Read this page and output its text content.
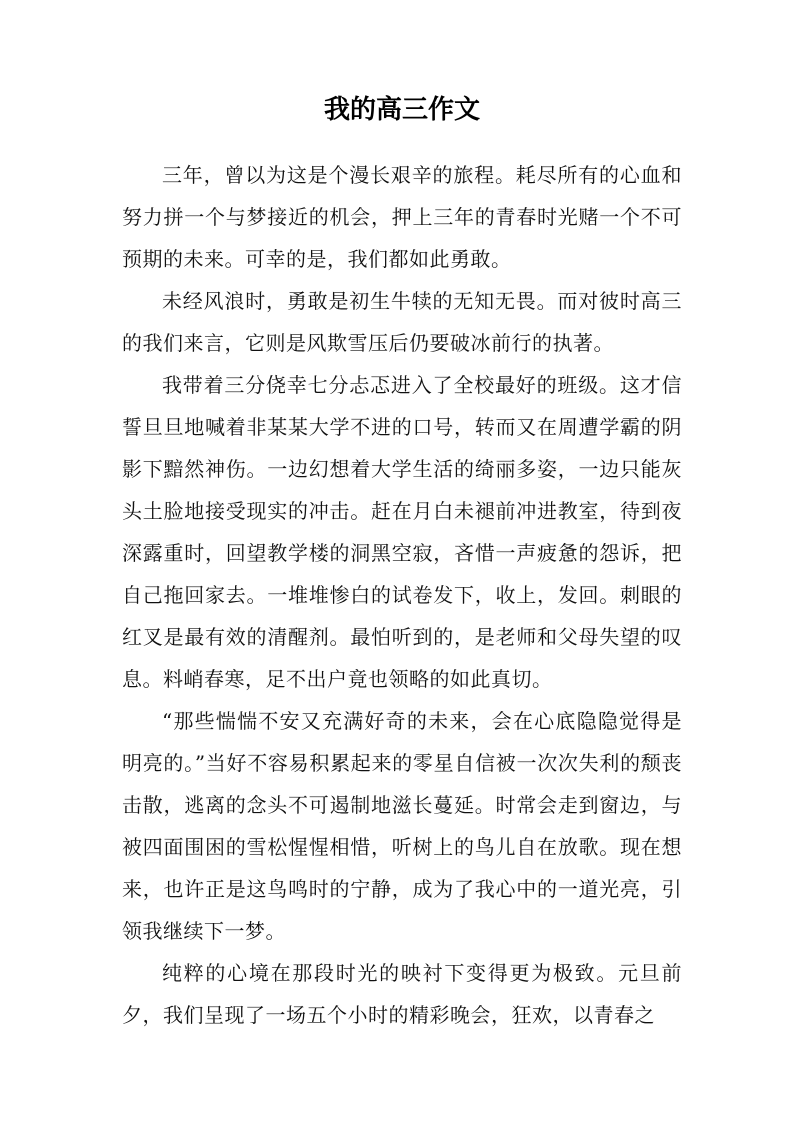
我的高三作文

三年，曾以为这是个漫长艰辛的旅程。耗尽所有的心血和努力拼一个与梦接近的机会，押上三年的青春时光赌一个不可预期的未来。可幸的是，我们都如此勇敢。

未经风浪时，勇敢是初生牛犊的无知无畏。而对彼时高三的我们来言，它则是风欺雪压后仍要破冰前行的执著。

我带着三分侥幸七分忐忑进入了全校最好的班级。这才信誓旦旦地喊着非某某大学不进的口号，转而又在周遭学霸的阴影下黯然神伤。一边幻想着大学生活的绮丽多姿，一边只能灰头土脸地接受现实的冲击。赶在月白未褪前冲进教室，待到夜深露重时，回望教学楼的洞黑空寂，吝惜一声疲惫的怨诉，把自己拖回家去。一堆堆惨白的试卷发下，收上，发回。刺眼的红叉是最有效的清醒剂。最怕听到的，是老师和父母失望的叹息。料峭春寒，足不出户竟也领略的如此真切。

“那些惴惴不安又充满好奇的未来，会在心底隐隐觉得是明亮的。”当好不容易积累起来的零星自信被一次次失利的颓丧击散，逃离的念头不可遏制地滋长蔓延。时常会走到窗边，与被四面围困的雪松惺惺相惜，听树上的鸟儿自在放歌。现在想来，也许正是这鸟鸣时的宁静，成为了我心中的一道光亮，引领我继续下一梦。

纯粹的心境在那段时光的映衬下变得更为极致。元旦前夕，我们呈现了一场五个小时的精彩晚会，狂欢，以青春之
